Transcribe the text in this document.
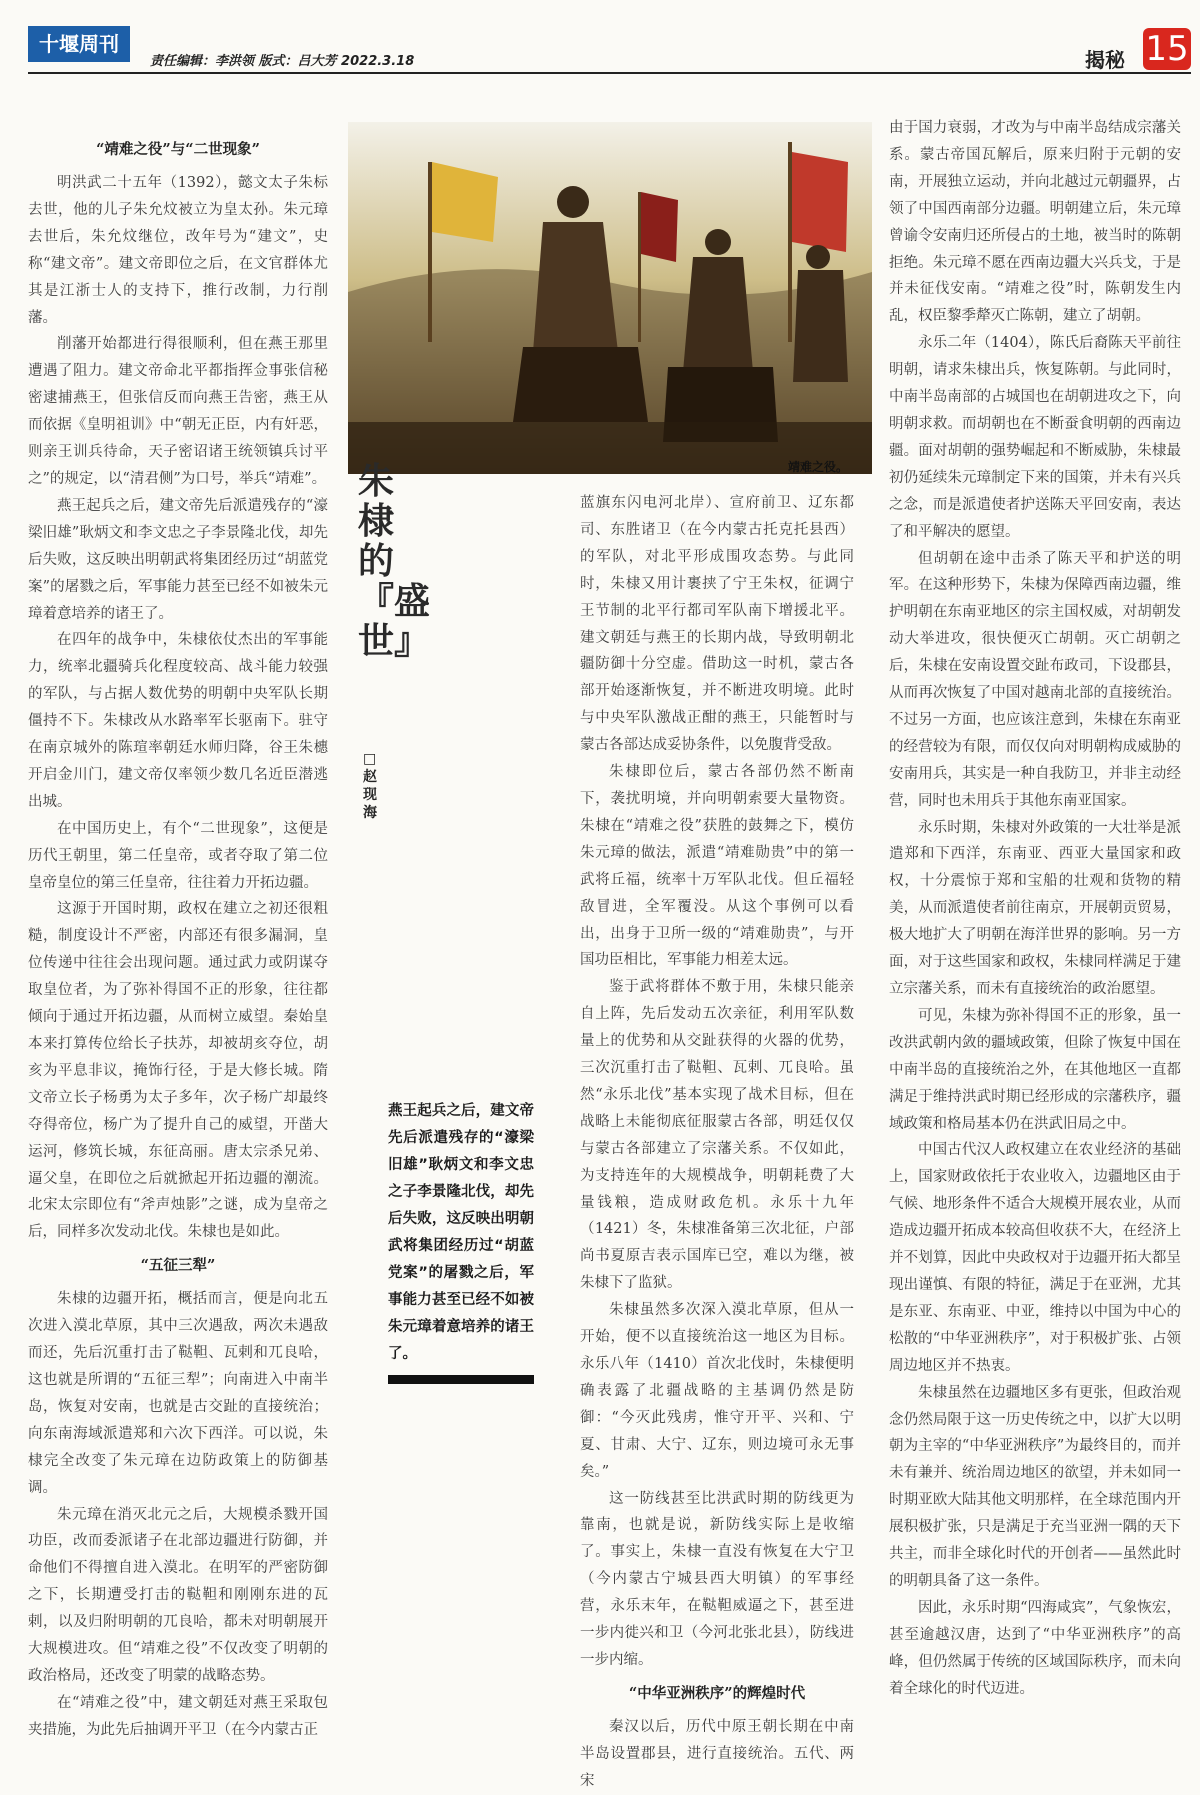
十堰周刊
责任编辑：李洪领 版式：吕大芳 2022.3.18	揭秘 15
“靖难之役”与“二世现象”

明洪武二十五年（1392），懿文太子朱标去世，他的儿子朱允炆被立为皇太孙。朱元璋去世后，朱允炆继位，改年号为“建文”，史称“建文帝”。建文帝即位之后，在文官群体尤其是江浙士人的支持下，推行改制，力行削藩。

削藩开始都进行得很顺利，但在燕王那里遭遇了阻力。建文帝命北平都指挥佥事张信秘密逮捕燕王，但张信反而向燕王告密，燕王从而依据《皇明祖训》中“朝无正臣，内有奸恶，则亲王训兵待命，天子密诏诸王统领镇兵讨平之”的规定，以“清君侧”为口号，举兵“靖难”。

燕王起兵之后，建文帝先后派遣残存的“濠梁旧雄”耿炳文和李文忠之子李景隆北伐，却先后失败，这反映出明朝武将集团经历过“胡蓝党案”的屠戮之后，军事能力甚至已经不如被朱元璋着意培养的诸王了。

在四年的战争中，朱棣依仗杰出的军事能力，统率北疆骑兵化程度较高、战斗能力较强的军队，与占据人数优势的明朝中央军队长期僵持不下。朱棣改从水路率军长驱南下。驻守在南京城外的陈瑄率朝廷水师归降，谷王朱橞开启金川门，建文帝仅率领少数几名近臣潜逃出城。

在中国历史上，有个“二世现象”，这便是历代王朝里，第二任皇帝，或者夺取了第二位皇帝皇位的第三任皇帝，往往着力开拓边疆。

这源于开国时期，政权在建立之初还很粗糙，制度设计不严密，内部还有很多漏洞，皇位传递中往往会出现问题。通过武力或阴谋夺取皇位者，为了弥补得国不正的形象，往往都倾向于通过开拓边疆，从而树立威望。秦始皇本来打算传位给长子扶苏，却被胡亥夺位，胡亥为平息非议，掩饰行径，于是大修长城。隋文帝立长子杨勇为太子多年，次子杨广却最终夺得帝位，杨广为了提升自己的威望，开凿大运河，修筑长城，东征高丽。唐太宗杀兄弟、逼父皇，在即位之后就掀起开拓边疆的潮流。北宋太宗即位有“斧声烛影”之谜，成为皇帝之后，同样多次发动北伐。朱棣也是如此。

“五征三犁”

朱棣的边疆开拓，概括而言，便是向北五次进入漠北草原，其中三次遇敌，两次未遇敌而还，先后沉重打击了鞑靼、瓦剌和兀良哈，这也就是所谓的“五征三犁”；向南进入中南半岛，恢复对安南，也就是古交趾的直接统治；向东南海域派遣郑和六次下西洋。可以说，朱棣完全改变了朱元璋在边防政策上的防御基调。

朱元璋在消灭北元之后，大规模杀戮开国功臣，改而委派诸子在北部边疆进行防御，并命他们不得擅自进入漠北。在明军的严密防御之下，长期遭受打击的鞑靼和刚刚东进的瓦剌，以及归附明朝的兀良哈，都未对明朝展开大规模进攻。但“靖难之役”不仅改变了明朝的政治格局，还改变了明蒙的战略态势。

在“靖难之役”中，建文朝廷对燕王采取包夹措施，为此先后抽调开平卫（在今内蒙古正

靖难之役。
朱棣的『盛世』
□赵现海
燕王起兵之后，建文帝先后派遣残存的“濠梁旧雄”耿炳文和李文忠之子李景隆北伐，却先后失败，这反映出明朝武将集团经历过“胡蓝党案”的屠戮之后，军事能力甚至已经不如被朱元璋着意培养的诸王了。

蓝旗东闪电河北岸）、宣府前卫、辽东都司、东胜诸卫（在今内蒙古托克托县西）的军队，对北平形成围攻态势。与此同时，朱棣又用计裹挟了宁王朱权，征调宁王节制的北平行都司军队南下增援北平。建文朝廷与燕王的长期内战，导致明朝北疆防御十分空虚。借助这一时机，蒙古各部开始逐渐恢复，并不断进攻明境。此时与中央军队激战正酣的燕王，只能暂时与蒙古各部达成妥协条件，以免腹背受敌。

朱棣即位后，蒙古各部仍然不断南下，袭扰明境，并向明朝索要大量物资。朱棣在“靖难之役”获胜的鼓舞之下，模仿朱元璋的做法，派遣“靖难勋贵”中的第一武将丘福，统率十万军队北伐。但丘福轻敌冒进，全军覆没。从这个事例可以看出，出身于卫所一级的“靖难勋贵”，与开国功臣相比，军事能力相差太远。

鉴于武将群体不敷于用，朱棣只能亲自上阵，先后发动五次亲征，利用军队数量上的优势和从交趾获得的火器的优势，三次沉重打击了鞑靼、瓦剌、兀良哈。虽然“永乐北伐”基本实现了战术目标，但在战略上未能彻底征服蒙古各部，明廷仅仅与蒙古各部建立了宗藩关系。不仅如此，为支持连年的大规模战争，明朝耗费了大量钱粮，造成财政危机。永乐十九年（1421）冬，朱棣准备第三次北征，户部尚书夏原吉表示国库已空，难以为继，被朱棣下了监狱。

朱棣虽然多次深入漠北草原，但从一开始，便不以直接统治这一地区为目标。永乐八年（1410）首次北伐时，朱棣便明确表露了北疆战略的主基调仍然是防御：“今灭此残虏，惟守开平、兴和、宁夏、甘肃、大宁、辽东，则边境可永无事矣。”

这一防线甚至比洪武时期的防线更为靠南，也就是说，新防线实际上是收缩了。事实上，朱棣一直没有恢复在大宁卫（今内蒙古宁城县西大明镇）的军事经营，永乐末年，在鞑靼威逼之下，甚至进一步内徙兴和卫（今河北张北县），防线进一步内缩。

“中华亚洲秩序”的辉煌时代

秦汉以后，历代中原王朝长期在中南半岛设置郡县，进行直接统治。五代、两宋

由于国力衰弱，才改为与中南半岛结成宗藩关系。蒙古帝国瓦解后，原来归附于元朝的安南，开展独立运动，并向北越过元朝疆界，占领了中国西南部分边疆。明朝建立后，朱元璋曾谕令安南归还所侵占的土地，被当时的陈朝拒绝。朱元璋不愿在西南边疆大兴兵戈，于是并未征伐安南。“靖难之役”时，陈朝发生内乱，权臣黎季犛灭亡陈朝，建立了胡朝。

永乐二年（1404），陈氏后裔陈天平前往明朝，请求朱棣出兵，恢复陈朝。与此同时，中南半岛南部的占城国也在胡朝进攻之下，向明朝求救。而胡朝也在不断蚕食明朝的西南边疆。面对胡朝的强势崛起和不断威胁，朱棣最初仍延续朱元璋制定下来的国策，并未有兴兵之念，而是派遣使者护送陈天平回安南，表达了和平解决的愿望。

但胡朝在途中击杀了陈天平和护送的明军。在这种形势下，朱棣为保障西南边疆，维护明朝在东南亚地区的宗主国权威，对胡朝发动大举进攻，很快便灭亡胡朝。灭亡胡朝之后，朱棣在安南设置交趾布政司，下设郡县，从而再次恢复了中国对越南北部的直接统治。不过另一方面，也应该注意到，朱棣在东南亚的经营较为有限，而仅仅向对明朝构成威胁的安南用兵，其实是一种自我防卫，并非主动经营，同时也未用兵于其他东南亚国家。

永乐时期，朱棣对外政策的一大壮举是派遣郑和下西洋，东南亚、西亚大量国家和政权，十分震惊于郑和宝船的壮观和货物的精美，从而派遣使者前往南京，开展朝贡贸易，极大地扩大了明朝在海洋世界的影响。另一方面，对于这些国家和政权，朱棣同样满足于建立宗藩关系，而未有直接统治的政治愿望。

可见，朱棣为弥补得国不正的形象，虽一改洪武朝内敛的疆域政策，但除了恢复中国在中南半岛的直接统治之外，在其他地区一直都满足于维持洪武时期已经形成的宗藩秩序，疆域政策和格局基本仍在洪武旧局之中。

中国古代汉人政权建立在农业经济的基础上，国家财政依托于农业收入，边疆地区由于气候、地形条件不适合大规模开展农业，从而造成边疆开拓成本较高但收获不大，在经济上并不划算，因此中央政权对于边疆开拓大都呈现出谨慎、有限的特征，满足于在亚洲，尤其是东亚、东南亚、中亚，维持以中国为中心的松散的“中华亚洲秩序”，对于积极扩张、占领周边地区并不热衷。

朱棣虽然在边疆地区多有更张，但政治观念仍然局限于这一历史传统之中，以扩大以明朝为主宰的“中华亚洲秩序”为最终目的，而并未有兼并、统治周边地区的欲望，并未如同一时期亚欧大陆其他文明那样，在全球范围内开展积极扩张，只是满足于充当亚洲一隅的天下共主，而非全球化时代的开创者——虽然此时的明朝具备了这一条件。

因此，永乐时期“四海咸宾”，气象恢宏，甚至逾越汉唐，达到了“中华亚洲秩序”的高峰，但仍然属于传统的区域国际秩序，而未向着全球化的时代迈进。
